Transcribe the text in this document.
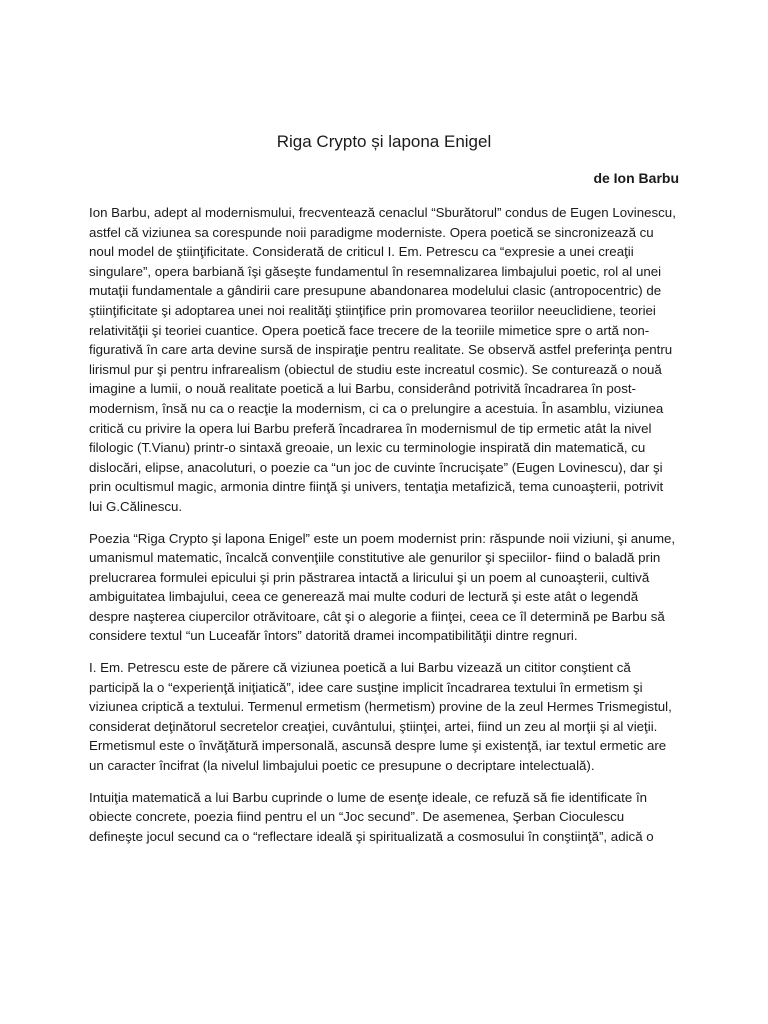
Riga Crypto și lapona Enigel

de Ion Barbu

Ion Barbu, adept al modernismului, frecventează cenaclul “Sburătorul” condus de Eugen Lovinescu, astfel că viziunea sa corespunde noii paradigme moderniste. Opera poetică se sincronizează cu noul model de ştiinţificitate. Considerată de criticul I. Em. Petrescu ca “expresie a unei creaţii singulare”, opera barbiană îşi găseşte fundamentul în resemnalizarea limbajului poetic, rol al unei mutaţii fundamentale a gândirii care presupune abandonarea modelului clasic (antropocentric) de ştiinţificitate şi adoptarea unei noi realităţi ştiinţifice prin promovarea teoriilor neeuclidiene, teoriei relativităţii şi teoriei cuantice. Opera poetică face trecere de la teoriile mimetice spre o artă non-figurativă în care arta devine sursă de inspiraţie pentru realitate. Se observă astfel preferinţa pentru lirismul pur şi pentru infrarealism (obiectul de studiu este increatul cosmic). Se conturează o nouă imagine a lumii, o nouă realitate poetică a lui Barbu, considerând potrivită încadrarea în post-modernism, însă nu ca o reacţie la modernism, ci ca o prelungire a acestuia. În asamblu, viziunea critică cu privire la opera lui Barbu preferă încadrarea în modernismul de tip ermetic atât la nivel filologic (T.Vianu) printr-o sintaxă greoaie, un lexic cu terminologie inspirată din matematică, cu dislocări, elipse, anacoluturi, o poezie ca “un joc de cuvinte încrucişate” (Eugen Lovinescu), dar şi prin ocultismul magic, armonia dintre fiinţă şi univers, tentaţia metafizică, tema cunoaşterii, potrivit lui G.Călinescu.

Poezia “Riga Crypto şi lapona Enigel” este un poem modernist prin: răspunde noii viziuni, şi anume, umanismul matematic, încalcă convenţiile constitutive ale genurilor şi speciilor- fiind o baladă prin prelucrarea formulei epicului şi prin păstrarea intactă a liricului şi un poem al cunoaşterii, cultivă ambiguitatea limbajului, ceea ce generează mai multe coduri de lectură şi este atât o legendă despre naşterea ciupercilor otrăvitoare, cât şi o alegorie a fiinţei, ceea ce îl determină pe Barbu să considere textul “un Luceafăr întors” datorită dramei incompatibilităţii dintre regnuri.

I. Em. Petrescu este de părere că viziunea poetică a lui Barbu vizează un cititor conştient că participă la o “experienţă iniţiatică”, idee care susţine implicit încadrarea textului în ermetism şi viziunea criptică a textului. Termenul ermetism (hermetism) provine de la zeul Hermes Trismegistul, considerat deţinătorul secretelor creaţiei, cuvântului, ştiinţei, artei, fiind un zeu al morţii şi al vieţii. Ermetismul este o învăţătură impersonală, ascunsă despre lume şi existenţă, iar textul ermetic are un caracter încifrat (la nivelul limbajului poetic ce presupune o decriptare intelectuală).

Intuiţia matematică a lui Barbu cuprinde o lume de esenţe ideale, ce refuză să fie identificate în obiecte concrete, poezia fiind pentru el un “Joc secund”. De asemenea, Şerban Cioculescu defineşte jocul secund ca o “reflectare ideală şi spiritualizată a cosmosului în conştiinţă”, adică o
